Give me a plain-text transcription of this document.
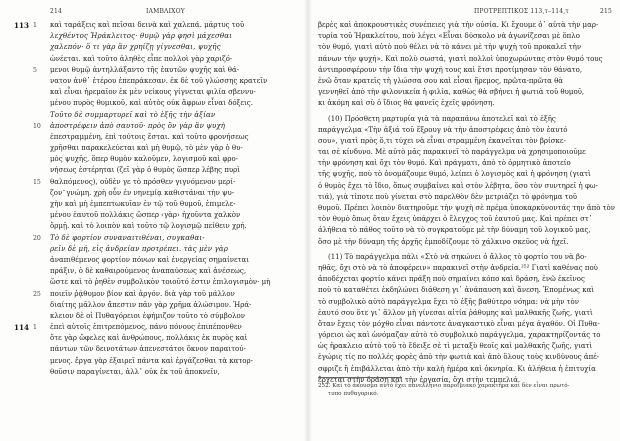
214	ΙΑΜΒΛΙΧΟΥ
113 1
5
10
15
20
25
114 1
καὶ ταράξεις καὶ πεῖσαι δεινὰ καὶ χαλεπά. μάρτυς τοῦ
λεχθέντος Ἡράκλειτος· θυμῷ γὰρ φησὶ μάχεσθαι
χαλεπόν· ὅ τι γὰρ ἂν χρηίζῃ γίγνεσθαι, ψυχῆς
ὠνέεται. καὶ τοῦτο ἀληθὲς εἶπε πολλοὶ γὰρ χαριζό-
μενοι θυμῷ ἀντηλλάξαντο τῆς ἑαυτῶν ψυχῆς καὶ θά-
νατον ἀνθ᾽ ἑτέρου ἐπεπράκεσαν. ἐκ δὲ τοῦ γλώσσης κρατεῖν
καὶ εἶναι ἠρεμαῖον ἐκ μὲν νείκους γίγνεται φιλία σβεννυ-
μένου πυρὸς θυμικοῦ, καὶ αὐτὸς οὐκ ἄφρων εἶναι δόξεις.
Τοῦτο δὲ συμμαρτυρεῖ καὶ τὸ ἐξῆς τὴν ἀξίαν
ἀποστρέφειν ἀπὸ σαυτοῦ· πρὸς ὃν γὰρ ἂν ψυχὴ
ἐπεστραμμένη, ἐπὶ τούτοις ἔσται. καὶ τοῦτο φρονήσεως
χρῆσθαι παρακελεύεται καὶ μὴ θυμῷ, τὸ μὲν γὰρ ὁ θυ-
μὸς ψυχῆς, ὅπερ θυμὸν καλοῦμεν, λογισμοῦ καὶ φρο-
νήσεως ἐστέρηται (ζεῖ γὰρ ὁ θυμὸς ὥσπερ λέβης πυρὶ
θαλπόμενος), οὐδὲν γε τὸ πρόσθεν γιγνόμενον μερί-
ζον ͂ γνώμη. χρὴ οὖν ἐν νηνεμίᾳ καθιστάναι τὴν ψυ-
χὴν καὶ μὴ ἐμπεπτωκυῖαν ἐν τῷ τοῦ θυμοῦ, ἐπιμελε-
μένου ἑαυτοῦ πολλάκις ὥσπερ ‹γὰρ› ἠχοῦντα χαλκὸν
ὅρμῇ. καὶ τὸ λοιπὸν καὶ τοῦτο τῷ λογισμῷ πείθειν χρή.
Τὸ δὲ φορτίον συναναιτιθέναι, συγκαθαι-
ρεῖν δὲ μή, εἰς ἀνδρείαν προτρέπει. τὰς μὲν γὰρ
ἀναπιθέμενος φορτίον πόνων καὶ ἐνεργείας σημαίνεται
πράξιν, ὁ δὲ καθαιρούμενος ἀναπαύσεως καὶ ἀνέσεως,
ὥστε καὶ τὸ ῥηθὲν συμβολικὸν τοιοῦτό ἐστιν ἐπιλογισμὸν· μὴ
ποιεῖν ῥᾴθυμον βίον καὶ ἀργόν. διὰ γὰρ τοῦ μάλλον
διαίτης μᾶλλον ἄπεστιν πᾶν γὰρ χρῆμα ἁλώσιμον. Ἡρά-
κλειον δὲ οἱ Πυθαγόρειοι ἐφήμιζον τοῦτο τὸ σύμβολον
ἐπεὶ αὐτοῖς ἐπιτρεπόμενος, πάνυ πόνους ἐπιπέπονθεν
ὅτε γὰρ ὤφελες καὶ ἀνθρώπους, πολλάκις ἐκ πυρὸς καὶ
πάντων τῶν δεινοτάτων ἀπενεστάτοι ὅκνον παραιτού-
μενος. ἔργα γὰρ ἐξαιρεῖ πάντα καὶ ἐργάζεσθαι τὰ κατορ-
θοῦσιν παραγίνεται, ἀλλ᾽ οὐκ ἐκ τοῦ ἀποκνεῖν,
ΠΡΟΤΡΕΠΤΙΚΟΣ 113,τ–114,τ	215
βερὲς καὶ ἀποκρουστικὲς συνέπειες γιὰ τὴν οὐσία. Κι ἔχουμε ὁ᾽ αὐτὰ τὴν μαρ-
τυρία τοῦ Ἡρακλείτου, ποὺ λέγει «Εἶναι δύσκολο νὰ ἀγωνίζεσαι μὲ ὅπλο
τὸν θυμό, γιατὶ αὐτὸ ποὺ θέλει νὰ τὸ κάνει μὲ τὴν ψυχὴ τοῦ προκαλεῖ τὴν
πάνων τὴν ψυχή». Καὶ πολὺ σωστά, γιατὶ πολλοὶ ὑποχωρώντας στὸν θυμό τους
ἀντιπροσφέρουν τὴν ἴδια τὴν ψυχή τους καὶ ἔτσι προτίμησαν τὸν θάνατο,
ἐνῶ ὅταν κρατεῖς τὴ γλώσσα σου καὶ εἶσαι ἤρεμος, πρῶτα-πρῶτα θὰ
γεννηθεῖ ἀπὸ τὴν φιλονικεία ἡ φιλία, καθὼς θὰ σβήνει ἡ φωτιὰ τοῦ θυμοῦ,
κι ἀκόμη καὶ σὺ ὁ ἴδιος θὰ φανεῖς ἐχεῖς φρόνηση.
(10) Πρόσθετη μαρτυρία γιὰ τὰ παραπάνω ἀποτελεῖ καὶ τὸ ἑξῆς
παράγγελμα «Τὴν ἀξιά τοῦ ἔξρουγ νὰ τὴν ἀποστρέφεις ἀπὸ τὸν ἑαυτό
σου», γιατὶ πρὸς ὅ,τι τύχει νὰ εἶναι στραμμένη ἐκανεῖται τὸν βρίσκε-
ται σὲ κίνδυνο. Μὲ αὐτὸ μᾶς παρακινεῖ τὸ παράγγελμα νὰ χρησιμοποιοῦμε
τὴν φρόνηση καὶ ὄχι τὸν θυμό. Καὶ πράγματι, ἀπὸ τὸ ὁρμητικὸ ἀποτείο
τῆς ψυχῆς, ποὺ τὸ ὀνομάζουμε θυμό, λείπει ὁ λογισμὸς καὶ ἡ φρόνηση (γιατὶ
ὁ θυμὸς ἔχει τὸ ἴδιο, ὅπως συμβαίνει καὶ στὸν λέβητα, ὅσο τὸν συντηρεῖ ἡ φω-
τιά), γιὰ τίποτε ποὺ γίνεται στὸ παρελθὸν δὲν μετριάζει τὸ φρόνημα τοῦ
θυμοῦ. Πρέπει λοιπὸν διατηροῦμε τὴν ψυχὴ σὲ πρέμα ὑποκαρκύνοντάς την ἀπὸ τὸν
τὸν θυμὸ ὅπως ὅταν ἔχεις ὑπάρχει ὁ ἔλεγχος τοῦ ἑαυτοῦ μας. Καὶ πρέπει στ᾽
ἀλήθεια τὸ πάθος τοῦτο νὰ τὸ συγκρατοῦμε μὲ τὴν δύναμη τοῦ λογικοῦ μας,
ὅσο μὲ τὴν δύναμη τῆς ἀρχῆς ἐμποδίζουμε τὸ χάλκινο σκεῦος νὰ ἠχεῖ.
(11) Τὸ παράγγελμα πάλι «Στὸ νὰ σηκώνει ὁ ἄλλος τὸ φορτίο του νὰ βο-
ηθᾶς, ὄχι στὸ νὰ τὸ ἀποφέρειν» παρακινεῖ στὴν ἀνδρεία.²⁵² Γιατὶ καθένας ποὺ
ἀποδέχεται φορτίο κάνει πράξη ποὺ σημαίνει κόπο καὶ δράση, ἐνῶ ἐκεῖνος
ποὺ τὸ καταθέτει ἐκδηλώνει διάθεση γι᾽ ἀνάπαυση καὶ ἄνεση. Ἐπομένως καὶ
τὸ συμβολικὸ αὐτὸ παράγγελμα ἔχει τὸ ἑξῆς βαθύτερο νόημα: νὰ μὴν τὸν
ἑαυτό σου ὅτε γι᾽ ἄλλον μὴ γίνεσαι αἰτία ῥάθυμης καὶ μαλθακῆς ζωῆς, γιατὶ
ὅταν ἔχεις τὸν μόχθο εἶναι πάντοτε ἀναγκαστικὸ εἶναι μέγα ἀγαθόν. Οἱ Πυθα-
γόρειοι ὡς καὶ ὠνόμαζαν αὐτὸ τὸ συμβολικὸ παράγγελμα, χαρακτηρίζοντάς το
ὡς ἡρακλειο αὐτὸ τοῦ τὸ ἔδειξε σὲ τὶ μεταξὺ θεοῖς καὶ μαλθακῆς ζωῆς, γιατὶ
ἐγώρις τίς πο πολλές φορὲς ἀπὸ τὴν φωτιὰ καὶ ἀπὸ ὅλους τοὺς κινδύνους ἀπέ-
σφριζε ἢ ἐπιβάλλεται ἀπὸ τὴν καλὴ ἡμέρα καὶ ὀκνηρία. Κι ἀλήθεια ἡ ἐπιτυχία
ἔρχεται στὴν δράση καὶ τὴν ἐργασία, ὄχι στὴν τεμπελιά.
252. Καὶ τὸ ἀκουσμα αὐτὸ ἔχει πανελλήνιο παροιμιακὸ χαρακτῆρα καὶ δὲν εἶναι πρωτό-
τυπο πυθαγορικό.
